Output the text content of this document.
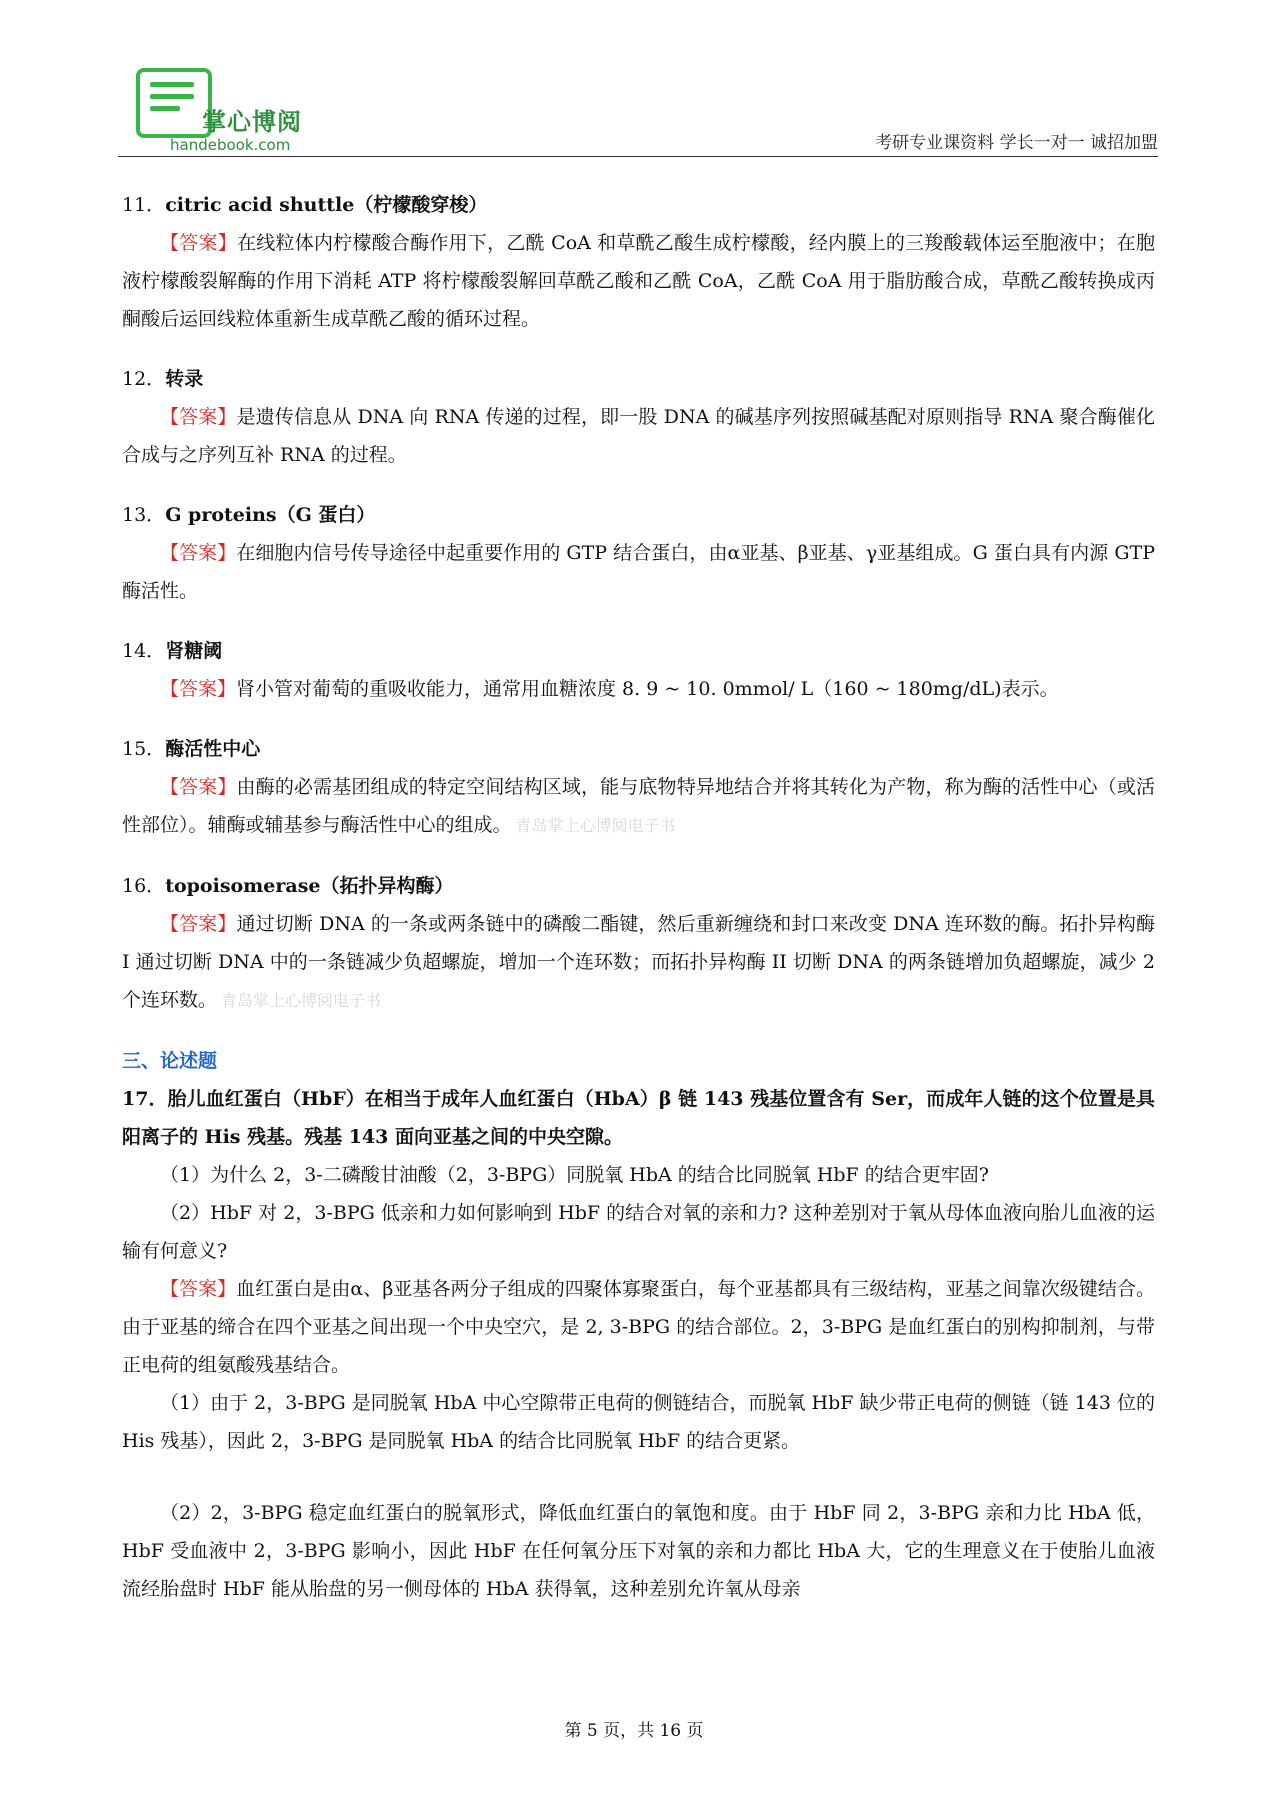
掌心博阅
handebook.com	考研专业课资料 学长一对一 诚招加盟

11．citric acid shuttle（柠檬酸穿梭）

【答案】在线粒体内柠檬酸合酶作用下，乙酰 CoA 和草酰乙酸生成柠檬酸，经内膜上的三羧酸载体运至胞液中；在胞液柠檬酸裂解酶的作用下消耗 ATP 将柠檬酸裂解回草酰乙酸和乙酰 CoA，乙酰 CoA 用于脂肪酸合成，草酰乙酸转换成丙酮酸后运回线粒体重新生成草酰乙酸的循环过程。

12．转录

【答案】是遗传信息从 DNA 向 RNA 传递的过程，即一股 DNA 的碱基序列按照碱基配对原则指导 RNA 聚合酶催化合成与之序列互补 RNA 的过程。

13．G proteins（G 蛋白）

【答案】在细胞内信号传导途径中起重要作用的 GTP 结合蛋白，由α亚基、β亚基、γ亚基组成。G 蛋白具有内源 GTP 酶活性。

14．肾糖阈

【答案】肾小管对葡萄的重吸收能力，通常用血糖浓度 8. 9 ~ 10. 0mmol/ L（160 ~ 180mg/dL)表示。

15．酶活性中心

【答案】由酶的必需基团组成的特定空间结构区域，能与底物特异地结合并将其转化为产物，称为酶的活性中心（或活性部位）。辅酶或辅基参与酶活性中心的组成。 青岛掌上心博阅电子书

16．topoisomerase（拓扑异构酶）

【答案】通过切断 DNA 的一条或两条链中的磷酸二酯键，然后重新缠绕和封口来改变 DNA 连环数的酶。拓扑异构酶 I 通过切断 DNA 中的一条链减少负超螺旋，增加一个连环数；而拓扑异构酶 II 切断 DNA 的两条链增加负超螺旋，减少 2 个连环数。 青岛掌上心博阅电子书

三、论述题

17．胎儿血红蛋白（HbF）在相当于成年人血红蛋白（HbA）β 链 143 残基位置含有 Ser，而成年人链的这个位置是具阳离子的 His 残基。残基 143 面向亚基之间的中央空隙。

（1）为什么 2，3-二磷酸甘油酸（2，3-BPG）同脱氧 HbA 的结合比同脱氧 HbF 的结合更牢固?

（2）HbF 对 2，3-BPG 低亲和力如何影响到 HbF 的结合对氧的亲和力? 这种差别对于氧从母体血液向胎儿血液的运输有何意义?

【答案】血红蛋白是由α、β亚基各两分子组成的四聚体寡聚蛋白，每个亚基都具有三级结构，亚基之间靠次级键结合。由于亚基的缔合在四个亚基之间出现一个中央空穴，是 2, 3-BPG 的结合部位。2，3-BPG 是血红蛋白的别构抑制剂，与带正电荷的组氨酸残基结合。

（1）由于 2，3-BPG 是同脱氧 HbA 中心空隙带正电荷的侧链结合，而脱氧 HbF 缺少带正电荷的侧链（链 143 位的 His 残基），因此 2，3-BPG 是同脱氧 HbA 的结合比同脱氧 HbF 的结合更紧。

（2）2，3-BPG 稳定血红蛋白的脱氧形式，降低血红蛋白的氧饱和度。由于 HbF 同 2，3-BPG 亲和力比 HbA 低，HbF 受血液中 2，3-BPG 影响小，因此 HbF 在任何氧分压下对氧的亲和力都比 HbA 大，它的生理意义在于使胎儿血液流经胎盘时 HbF 能从胎盘的另一侧母体的 HbA 获得氧，这种差别允许氧从母亲

第 5 页，共 16 页
